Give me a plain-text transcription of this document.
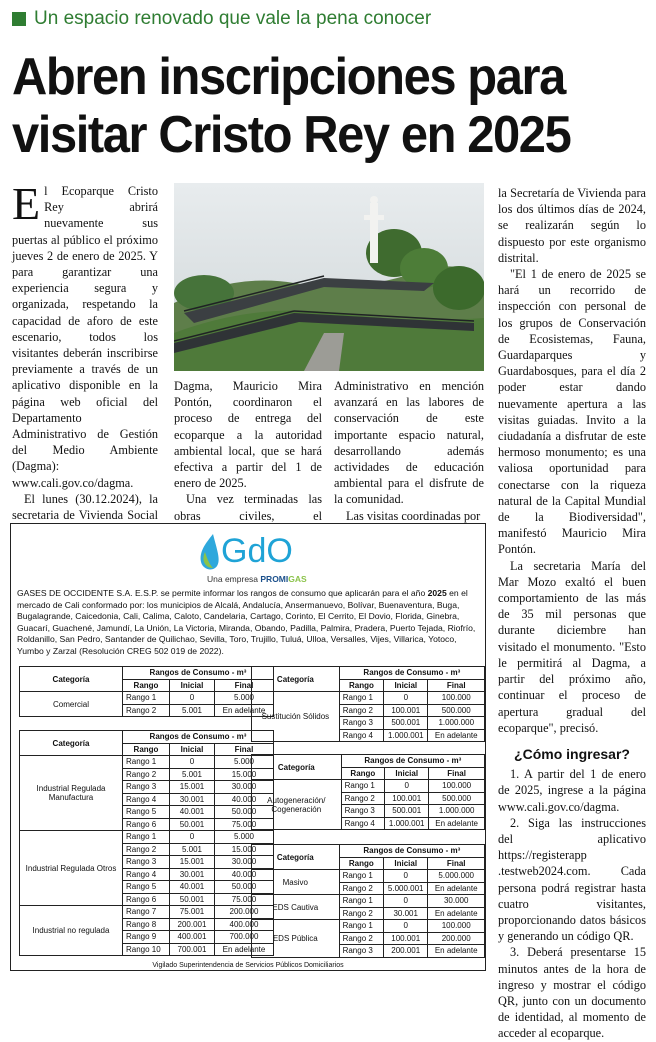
Un espacio renovado que vale la pena conocer
Abren inscripciones para
visitar Cristo Rey en 2025

El Ecoparque Cristo Rey abrirá nuevamente sus puertas al público el próximo jueves 2 de enero de 2025. Y para garantizar una experiencia segura y organizada, respetando la capacidad de aforo de este escenario, todos los visitantes deberán inscribirse previamente a través de un aplicativo disponible en la página web oficial del Departamento Administrativo de Gestión del Medio Ambiente (Dagma): www.cali.gov.co/dagma.

El lunes (30.12.2024), la secretaria de Vivienda Social

Dagma, Mauricio Mira Pontón, coordinaron el proceso de entrega del ecoparque a la autoridad ambiental local, que se hará efectiva a partir del 1 de enero de 2025.

Una vez terminadas las obras civiles, el

Administrativo en mención avanzará en las labores de conservación de este importante espacio natural, desarrollando además actividades de educación ambiental para el disfrute de la comunidad.

Las visitas coordinadas por

la Secretaría de Vivienda para los dos últimos días de 2024, se realizarán según lo dispuesto por este organismo distrital.

"El 1 de enero de 2025 se hará un recorrido de inspección con personal de los grupos de Conservación de Ecosistemas, Fauna, Guardaparques y Guardabosques, para el día 2 poder estar dando nuevamente apertura a las visitas guiadas. Invito a la ciudadanía a disfrutar de este hermoso monumento; es una valiosa oportunidad para conectarse con la riqueza natural de la Capital Mundial de la Biodiversidad", manifestó Mauricio Mira Pontón.

La secretaria María del Mar Mozo exaltó el buen comportamiento de las más de 35 mil personas que durante diciembre han visitado el monumento. "Esto le permitirá al Dagma, a partir del próximo año, continuar el proceso de apertura gradual del ecoparque", precisó.

¿Cómo ingresar?

1. A partir del 1 de enero de 2025, ingrese a la página www.cali.gov.co/dagma.

2. Siga las instrucciones del aplicativo https://registerapp .testweb2024.com. Cada persona podrá registrar hasta cuatro visitantes, proporcionando datos básicos y generando un código QR.

3. Deberá presentarse 15 minutos antes de la hora de ingreso y mostrar el código QR, junto con un documento de identidad, al momento de acceder al ecoparque.

GdO
Una empresa PROMIGAS
GASES DE OCCIDENTE S.A. E.S.P. se permite informar los rangos de consumo que aplicarán para el año 2025 en el mercado de Cali conformado por: los municipios de Alcalá, Andalucía, Ansermanuevo, Bolívar, Buenaventura, Buga, Bugalagrande, Caicedonia, Cali, Calima, Caloto, Candelaria, Cartago, Corinto, El Cerrito, El Dovio, Florida, Ginebra, Guacarí, Guachené, Jamundí, La Unión, La Victoria, Miranda, Obando, Padilla, Palmira, Pradera, Puerto Tejada, Riofrío, Roldanillo, San Pedro, Santander de Quilichao, Sevilla, Toro, Trujillo, Tuluá, Ulloa, Versalles, Vijes, Villarica, Yotoco, Yumbo y Zarzal (Resolución CREG 502 019 de 2022).
Categoría	Rangos de Consumo - m³		
	Rango	Inicial	Final
Comercial	Rango 1	0	5.000
	Rango 2	5.001	En adelante
Categoría	Rangos de Consumo - m³		
	Rango	Inicial	Final
Industrial Regulada Manufactura	Rango 1	0	5.000
	Rango 2	5.001	15.000
	Rango 3	15.001	30.000
	Rango 4	30.001	40.000
	Rango 5	40.001	50.000
	Rango 6	50.001	75.000
Industrial Regulada Otros	Rango 1	0	5.000
	Rango 2	5.001	15.000
	Rango 3	15.001	30.000
	Rango 4	30.001	40.000
	Rango 5	40.001	50.000
	Rango 6	50.001	75.000
Industrial no regulada	Rango 7	75.001	200.000
	Rango 8	200.001	400.000
	Rango 9	400.001	700.000
	Rango 10	700.001	En adelante
Categoría	Rangos de Consumo - m³		
	Rango	Inicial	Final
Sustitución Sólidos	Rango 1	0	100.000
	Rango 2	100.001	500.000
	Rango 3	500.001	1.000.000
	Rango 4	1.000.001	En adelante
Categoría	Rangos de Consumo - m³		
	Rango	Inicial	Final
Autogeneración/ Cogeneración	Rango 1	0	100.000
	Rango 2	100.001	500.000
	Rango 3	500.001	1.000.000
	Rango 4	1.000.001	En adelante
Categoría	Rangos de Consumo - m³		
	Rango	Inicial	Final
Masivo	Rango 1	0	5.000.000
	Rango 2	5.000.001	En adelante
EDS Cautiva	Rango 1	0	30.000
	Rango 2	30.001	En adelante
EDS Pública	Rango 1	0	100.000
	Rango 2	100.001	200.000
	Rango 3	200.001	En adelante
Vigilado Superintendencia de Servicios Públicos Domiciliarios
